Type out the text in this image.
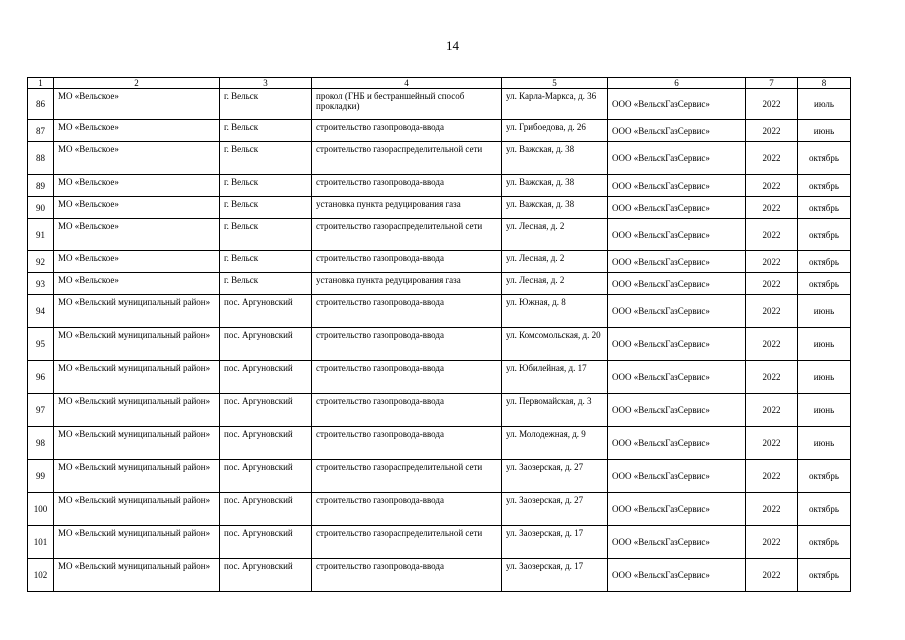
14
1	2	3	4	5	6	7	8
86	МО «Вельское»	г. Вельск	прокол (ГНБ и бестраншейный способ прокладки)	ул. Карла-Маркса, д. 36	ООО «ВельскГазСервис»	2022	июль
87	МО «Вельское»	г. Вельск	строительство газопровода-ввода	ул. Грибоедова, д. 26	ООО «ВельскГазСервис»	2022	июнь
88	МО «Вельское»	г. Вельск	строительство газораспределительной сети	ул. Важская, д. 38	ООО «ВельскГазСервис»	2022	октябрь
89	МО «Вельское»	г. Вельск	строительство газопровода-ввода	ул. Важская, д. 38	ООО «ВельскГазСервис»	2022	октябрь
90	МО «Вельское»	г. Вельск	установка пункта редуцирования газа	ул. Важская, д. 38	ООО «ВельскГазСервис»	2022	октябрь
91	МО «Вельское»	г. Вельск	строительство газораспределительной сети	ул. Лесная, д. 2	ООО «ВельскГазСервис»	2022	октябрь
92	МО «Вельское»	г. Вельск	строительство газопровода-ввода	ул. Лесная, д. 2	ООО «ВельскГазСервис»	2022	октябрь
93	МО «Вельское»	г. Вельск	установка пункта редуцирования газа	ул. Лесная, д. 2	ООО «ВельскГазСервис»	2022	октябрь
94	МО «Вельский муниципальный район»	пос. Аргуновский	строительство газопровода-ввода	ул. Южная, д. 8	ООО «ВельскГазСервис»	2022	июнь
95	МО «Вельский муниципальный район»	пос. Аргуновский	строительство газопровода-ввода	ул. Комсомольская, д. 20	ООО «ВельскГазСервис»	2022	июнь
96	МО «Вельский муниципальный район»	пос. Аргуновский	строительство газопровода-ввода	ул. Юбилейная, д. 17	ООО «ВельскГазСервис»	2022	июнь
97	МО «Вельский муниципальный район»	пос. Аргуновский	строительство газопровода-ввода	ул. Первомайская, д. 3	ООО «ВельскГазСервис»	2022	июнь
98	МО «Вельский муниципальный район»	пос. Аргуновский	строительство газопровода-ввода	ул. Молодежная, д. 9	ООО «ВельскГазСервис»	2022	июнь
99	МО «Вельский муниципальный район»	пос. Аргуновский	строительство газораспределительной сети	ул. Заозерская, д. 27	ООО «ВельскГазСервис»	2022	октябрь
100	МО «Вельский муниципальный район»	пос. Аргуновский	строительство газопровода-ввода	ул. Заозерская, д. 27	ООО «ВельскГазСервис»	2022	октябрь
101	МО «Вельский муниципальный район»	пос. Аргуновский	строительство газораспределительной сети	ул. Заозерская, д. 17	ООО «ВельскГазСервис»	2022	октябрь
102	МО «Вельский муниципальный район»	пос. Аргуновский	строительство газопровода-ввода	ул. Заозерская, д. 17	ООО «ВельскГазСервис»	2022	октябрь
